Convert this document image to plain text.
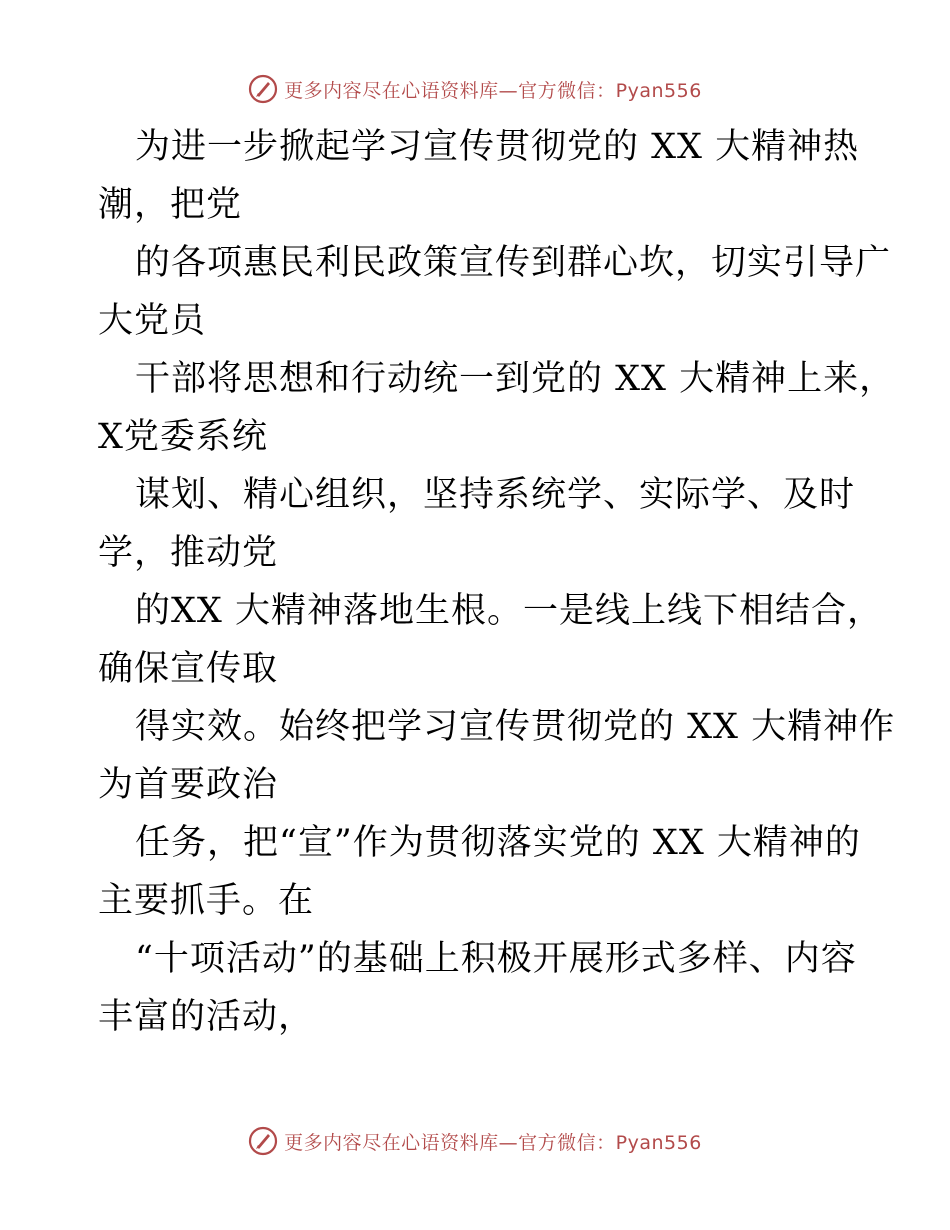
更多内容尽在心语资料库—官方微信：Pyan556
为进一步掀起学习宣传贯彻党的 XX 大精神热
潮，把党
的各项惠民利民政策宣传到群心坎，切实引导广
大党员
干部将思想和行动统一到党的 XX 大精神上来，
X党委系统
谋划、精心组织，坚持系统学、实际学、及时
学，推动党
的XX 大精神落地生根。一是线上线下相结合，
确保宣传取
得实效。始终把学习宣传贯彻党的 XX 大精神作
为首要政治
任务，把“宣”作为贯彻落实党的 XX 大精神的
主要抓手。在
“十项活动”的基础上积极开展形式多样、内容
丰富的活动，
更多内容尽在心语资料库—官方微信：Pyan556
